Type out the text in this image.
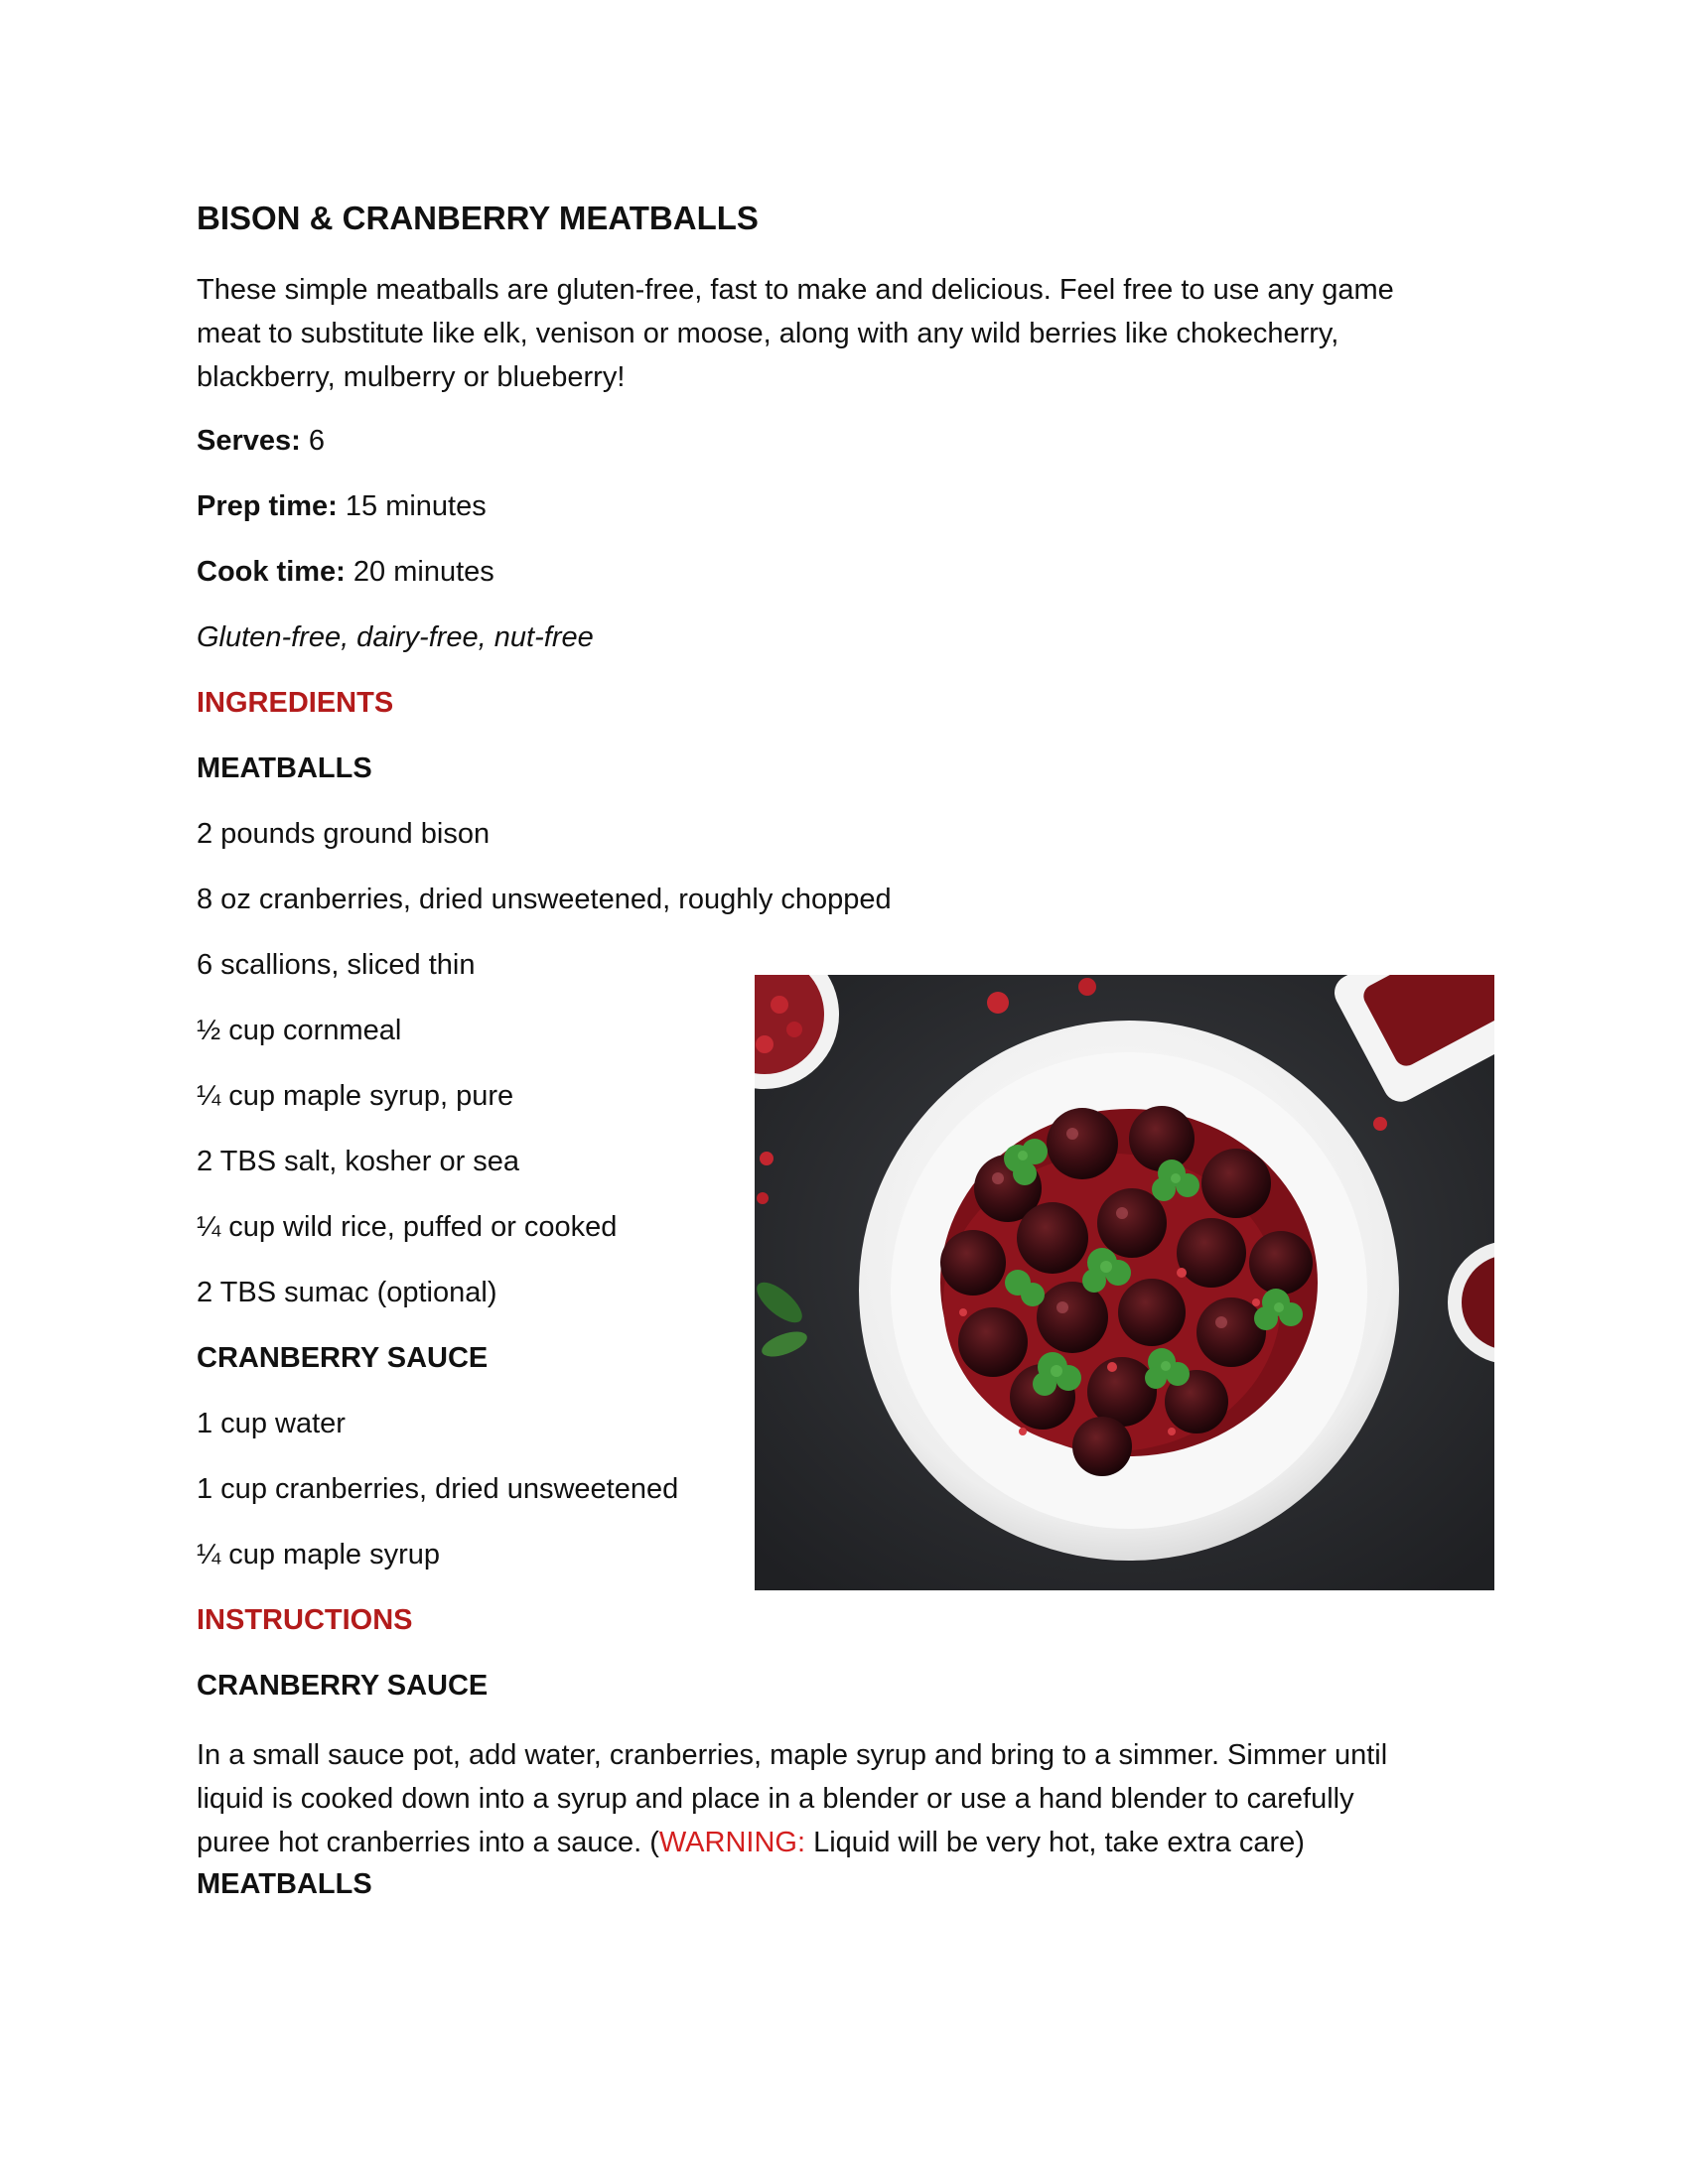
BISON & CRANBERRY MEATBALLS
These simple meatballs are gluten-free, fast to make and delicious. Feel free to use any game
meat to substitute like elk, venison or moose, along with any wild berries like chokecherry,
blackberry, mulberry or blueberry!
Serves: 6
Prep time: 15 minutes
Cook time: 20 minutes
Gluten-free, dairy-free, nut-free
INGREDIENTS
MEATBALLS
2 pounds ground bison
8 oz cranberries, dried unsweetened, roughly chopped
6 scallions, sliced thin
½ cup cornmeal
¼ cup maple syrup, pure
2 TBS salt, kosher or sea
¼ cup wild rice, puffed or cooked
2 TBS sumac (optional)
CRANBERRY SAUCE
1 cup water
1 cup cranberries, dried unsweetened
¼ cup maple syrup
INSTRUCTIONS
CRANBERRY SAUCE
In a small sauce pot, add water, cranberries, maple syrup and bring to a simmer. Simmer until
liquid is cooked down into a syrup and place in a blender or use a hand blender to carefully
puree hot cranberries into a sauce. (WARNING: Liquid will be very hot, take extra care)
MEATBALLS
